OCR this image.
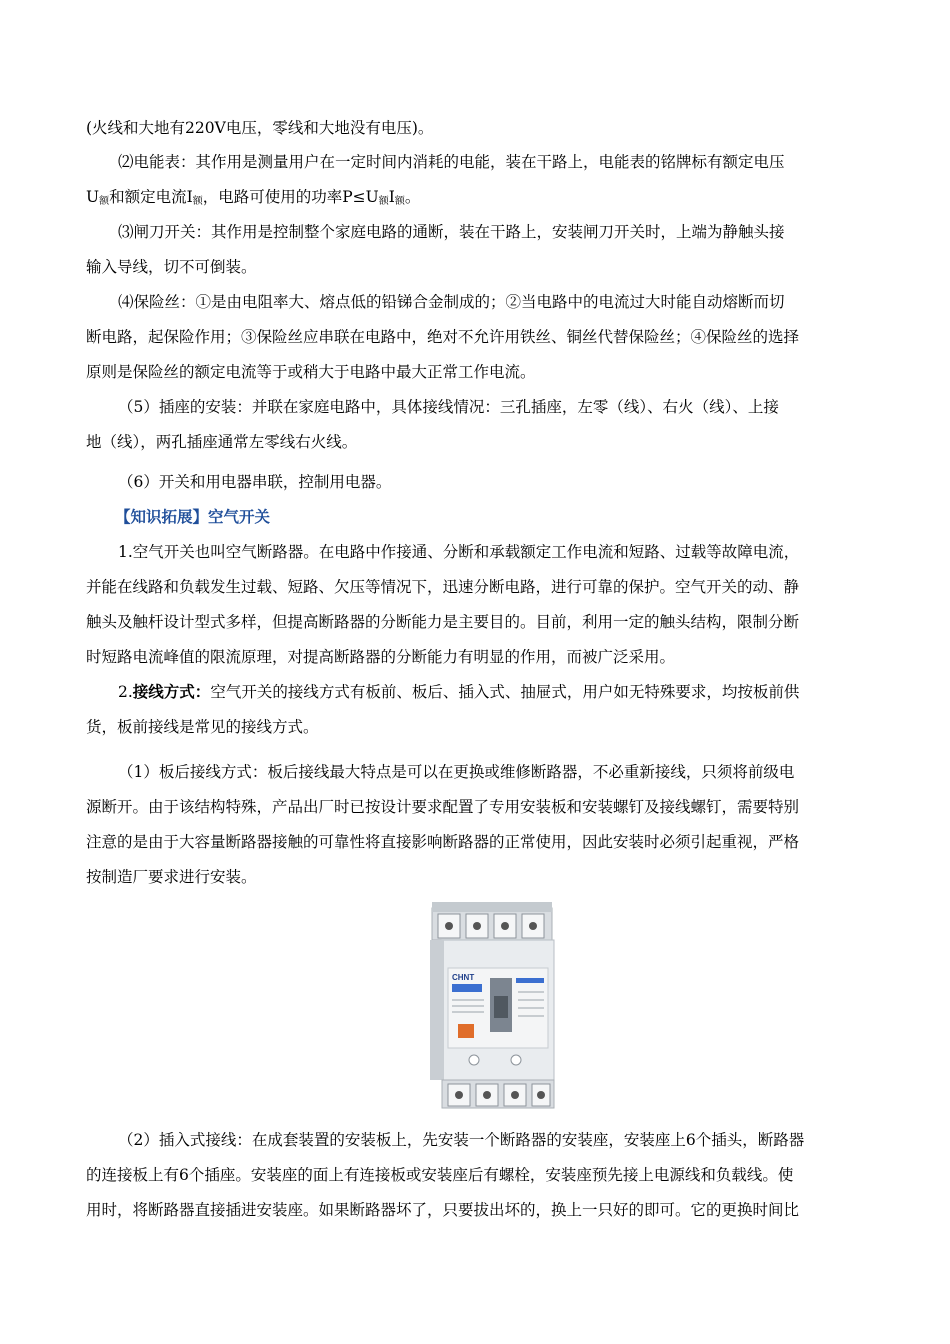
(火线和大地有220V电压，零线和大地没有电压)。
⑵电能表：其作用是测量用户在一定时间内消耗的电能，装在干路上，电能表的铭牌标有额定电压
$U_额$和额定电流$Ⅰ_额$，电路可使用的功率$P\le U_额Ⅰ_额$。
⑶闸刀开关：其作用是控制整个家庭电路的通断，装在干路上，安装闸刀开关时，上端为静触头接
输入导线，切不可倒装。
⑷保险丝：①是由电阻率大、熔点低的铅锑合金制成的；②当电路中的电流过大时能自动熔断而切
断电路，起保险作用；③保险丝应串联在电路中，绝对不允许用铁丝、铜丝代替保险丝；④保险丝的选择
原则是保险丝的额定电流等于或稍大于电路中最大正常工作电流。
（5）插座的安装：并联在家庭电路中，具体接线情况：三孔插座，左零（线）、右火（线）、上接
地（线），两孔插座通常左零线右火线。
（6）开关和用电器串联，控制用电器。
【知识拓展】空气开关
1.空气开关也叫空气断路器。在电路中作接通、分断和承载额定工作电流和短路、过载等故障电流，
并能在线路和负载发生过载、短路、欠压等情况下，迅速分断电路，进行可靠的保护。空气开关的动、静
触头及触杆设计型式多样，但提高断路器的分断能力是主要目的。目前，利用一定的触头结构，限制分断
时短路电流峰值的限流原理，对提高断路器的分断能力有明显的作用，而被广泛采用。
2.接线方式：空气开关的接线方式有板前、板后、插入式、抽屉式，用户如无特殊要求，均按板前供
货，板前接线是常见的接线方式。
（1）板后接线方式：板后接线最大特点是可以在更换或维修断路器，不必重新接线，只须将前级电
源断开。由于该结构特殊，产品出厂时已按设计要求配置了专用安装板和安装螺钉及接线螺钉，需要特别
注意的是由于大容量断路器接触的可靠性将直接影响断路器的正常使用，因此安装时必须引起重视，严格
按制造厂要求进行安装。
CHNT
（2）插入式接线：在成套装置的安装板上，先安装一个断路器的安装座，安装座上6个插头，断路器
的连接板上有6个插座。安装座的面上有连接板或安装座后有螺栓，安装座预先接上电源线和负载线。使
用时，将断路器直接插进安装座。如果断路器坏了，只要拔出坏的，换上一只好的即可。它的更换时间比
